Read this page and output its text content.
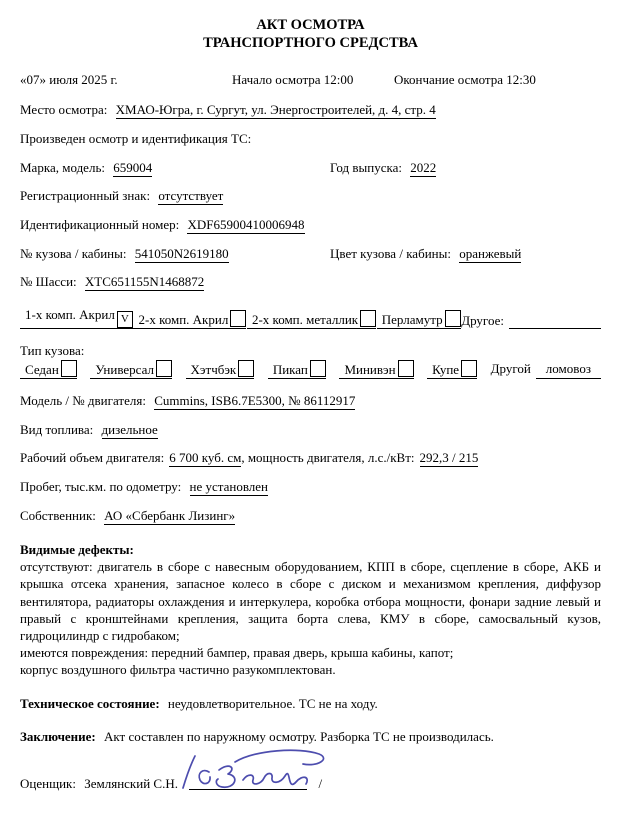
АКТ ОСМОТРА
ТРАНСПОРТНОГО СРЕДСТВА
«07» июля 2025 г.	Начало осмотра 12:00	Окончание осмотра 12:30

Место осмотра: ХМАО-Югра, г. Сургут, ул. Энергостроителей, д. 4, стр. 4

Произведен осмотр и идентификация ТС:

Марка, модель: 659004	Год выпуска: 2022

Регистрационный знак: отсутствует

Идентификационный номер: XDF65900410006948

№ кузова / кабины: 541050N2619180	Цвет кузова / кабины: оранжевый

№ Шасси: XTC651155N1468872

1-х комп. Акрил V 2-х комп. Акрил	2-х комп. металлик	Перламутр	Другое:
Тип кузова:
Седан	Универсал	Хэтчбэк	Пикап	Минивэн	Купе	Другой ломовоз

Модель / № двигателя: Cummins, ISB6.7E5300, № 86112917

Вид топлива: дизельное

Рабочий объем двигателя: 6 700 куб. см, мощность двигателя, л.с./кВт: 292,3 / 215

Пробег, тыс.км. по одометру: не установлен

Собственник: АО «Сбербанк Лизинг»

Видимые дефекты:
отсутствуют: двигатель в сборе с навесным оборудованием, КПП в сборе, сцепление в сборе, АКБ и крышка отсека хранения, запасное колесо в сборе с диском и механизмом крепления, диффузор вентилятора, радиаторы охлаждения и интеркулера, коробка отбора мощности, фонари задние левый и правый с кронштейнами крепления, защита борта слева, КМУ в сборе, самосвальный кузов, гидроцилиндр с гидробаком;
имеются повреждения: передний бампер, правая дверь, крыша кабины, капот;
корпус воздушного фильтра частично разукомплектован.

Техническое состояние: неудовлетворительное. ТС не на ходу.

Заключение: Акт составлен по наружному осмотру. Разборка ТС не производилась.

Оценщик: Землянский С.Н.	/
